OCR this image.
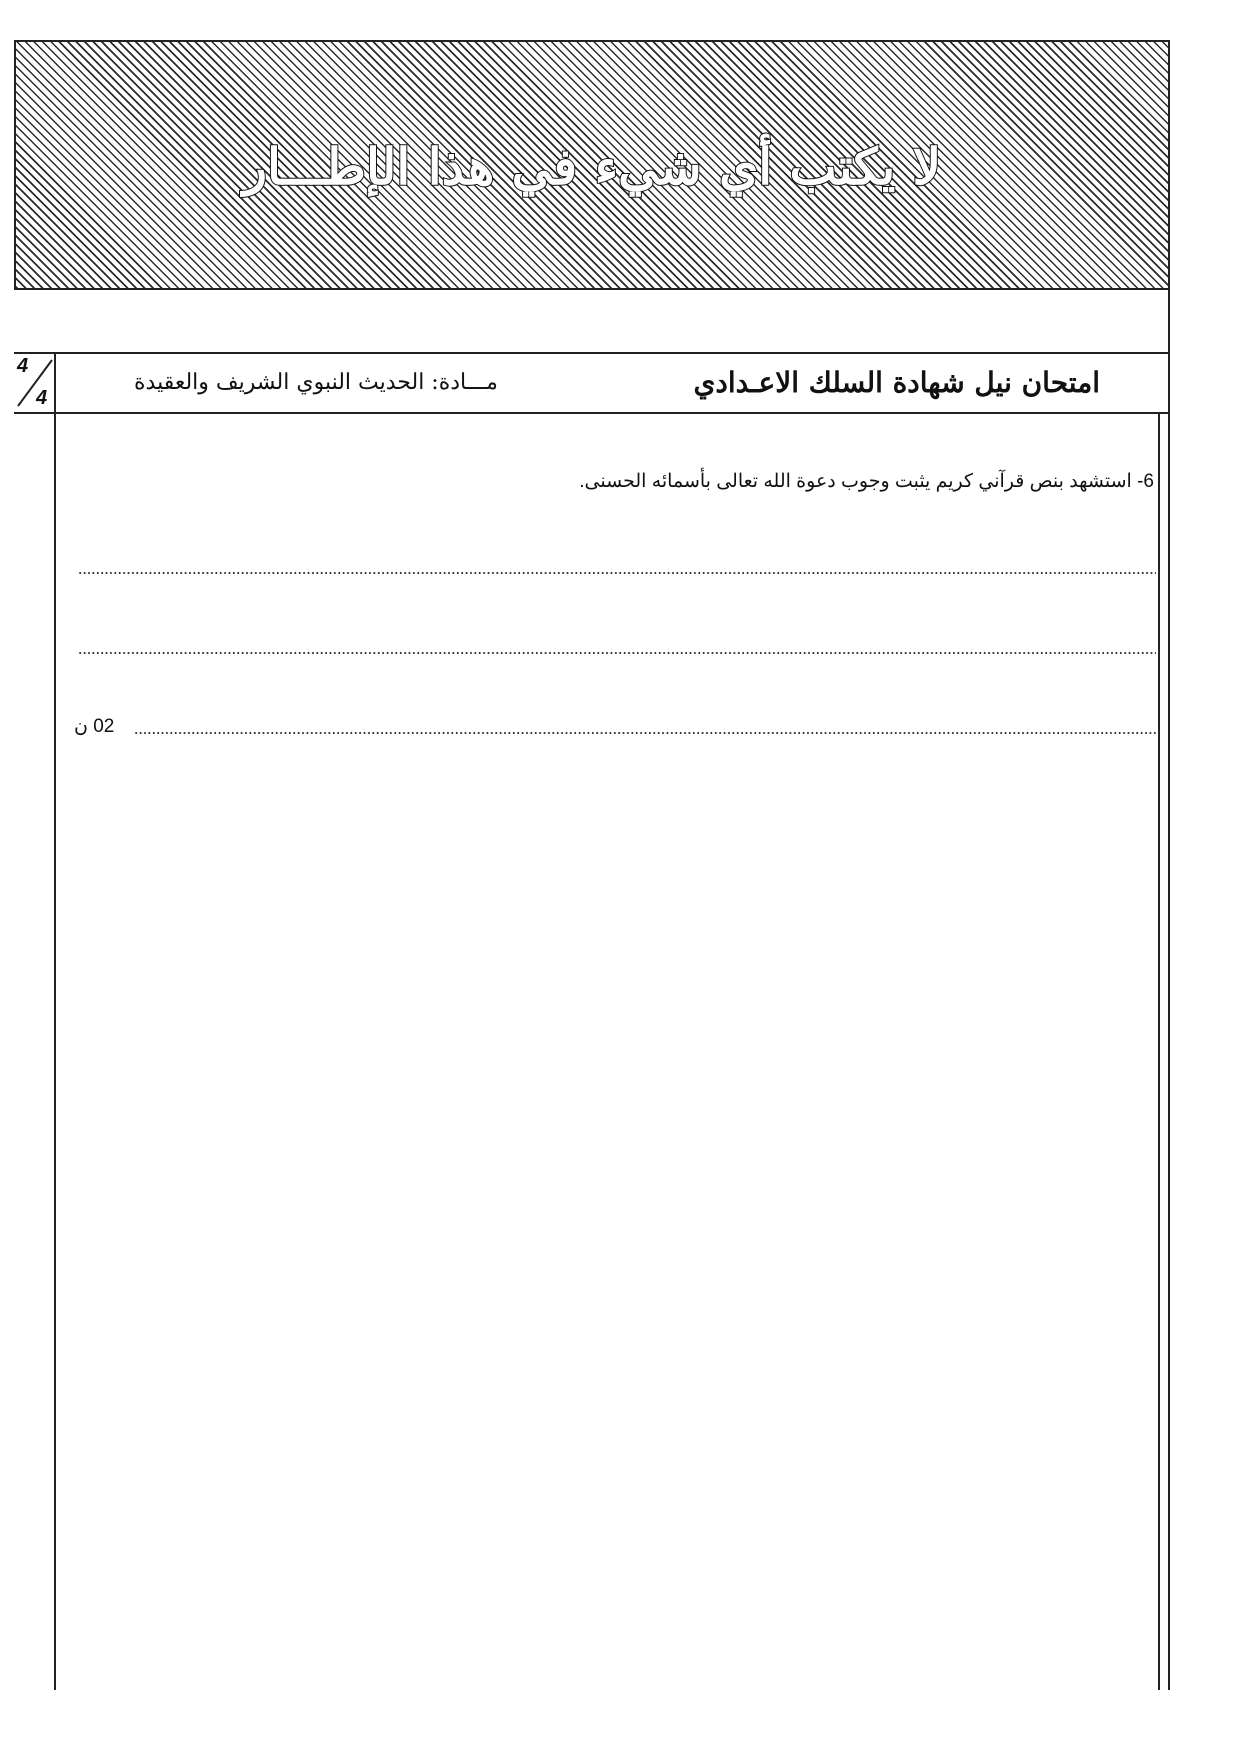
لا يكتب أي شيء في هذا الإطـــار
4
4	امتحان نيل شهادة السلك الاعـدادي
مـــادة: الحديث النبوي الشريف والعقيدة
6- استشهد بنص قرآني كريم يثبت وجوب دعوة الله تعالى بأسمائه الحسنى.
02 ن
